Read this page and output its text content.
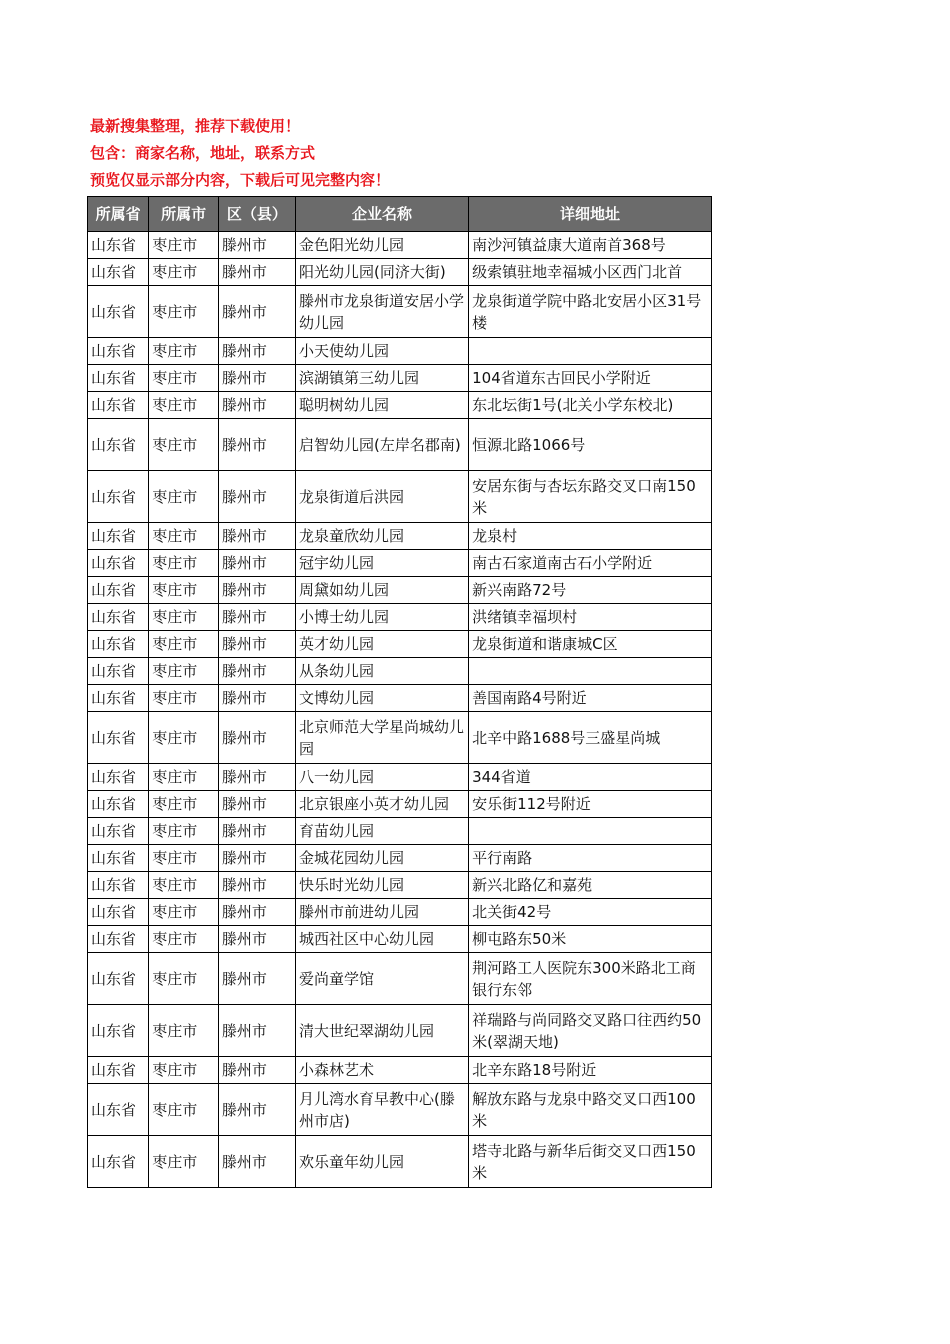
最新搜集整理，推荐下载使用！
包含：商家名称，地址，联系方式
预览仅显示部分内容，下载后可见完整内容！
所属省	所属市	区（县）	企业名称	详细地址
山东省	枣庄市	滕州市	金色阳光幼儿园	南沙河镇益康大道南首368号
山东省	枣庄市	滕州市	阳光幼儿园(同济大街)	级索镇驻地幸福城小区西门北首
山东省	枣庄市	滕州市	滕州市龙泉街道安居小学幼儿园	龙泉街道学院中路北安居小区31号楼
山东省	枣庄市	滕州市	小天使幼儿园	
山东省	枣庄市	滕州市	滨湖镇第三幼儿园	104省道东古回民小学附近
山东省	枣庄市	滕州市	聪明树幼儿园	东北坛街1号(北关小学东校北)
山东省	枣庄市	滕州市	启智幼儿园(左岸名郡南)	恒源北路1066号
山东省	枣庄市	滕州市	龙泉街道后洪园	安居东街与杏坛东路交叉口南150米
山东省	枣庄市	滕州市	龙泉童欣幼儿园	龙泉村
山东省	枣庄市	滕州市	冠宇幼儿园	南古石家道南古石小学附近
山东省	枣庄市	滕州市	周黛如幼儿园	新兴南路72号
山东省	枣庄市	滕州市	小博士幼儿园	洪绪镇幸福坝村
山东省	枣庄市	滕州市	英才幼儿园	龙泉街道和谐康城C区
山东省	枣庄市	滕州市	从条幼儿园	
山东省	枣庄市	滕州市	文博幼儿园	善国南路4号附近
山东省	枣庄市	滕州市	北京师范大学星尚城幼儿园	北辛中路1688号三盛星尚城
山东省	枣庄市	滕州市	八一幼儿园	344省道
山东省	枣庄市	滕州市	北京银座小英才幼儿园	安乐街112号附近
山东省	枣庄市	滕州市	育苗幼儿园	
山东省	枣庄市	滕州市	金城花园幼儿园	平行南路
山东省	枣庄市	滕州市	快乐时光幼儿园	新兴北路亿和嘉苑
山东省	枣庄市	滕州市	滕州市前进幼儿园	北关街42号
山东省	枣庄市	滕州市	城西社区中心幼儿园	柳屯路东50米
山东省	枣庄市	滕州市	爱尚童学馆	荆河路工人医院东300米路北工商银行东邻
山东省	枣庄市	滕州市	清大世纪翠湖幼儿园	祥瑞路与尚同路交叉路口往西约50米(翠湖天地)
山东省	枣庄市	滕州市	小森林艺术	北辛东路18号附近
山东省	枣庄市	滕州市	月儿湾水育早教中心(滕州市店)	解放东路与龙泉中路交叉口西100米
山东省	枣庄市	滕州市	欢乐童年幼儿园	塔寺北路与新华后街交叉口西150米
